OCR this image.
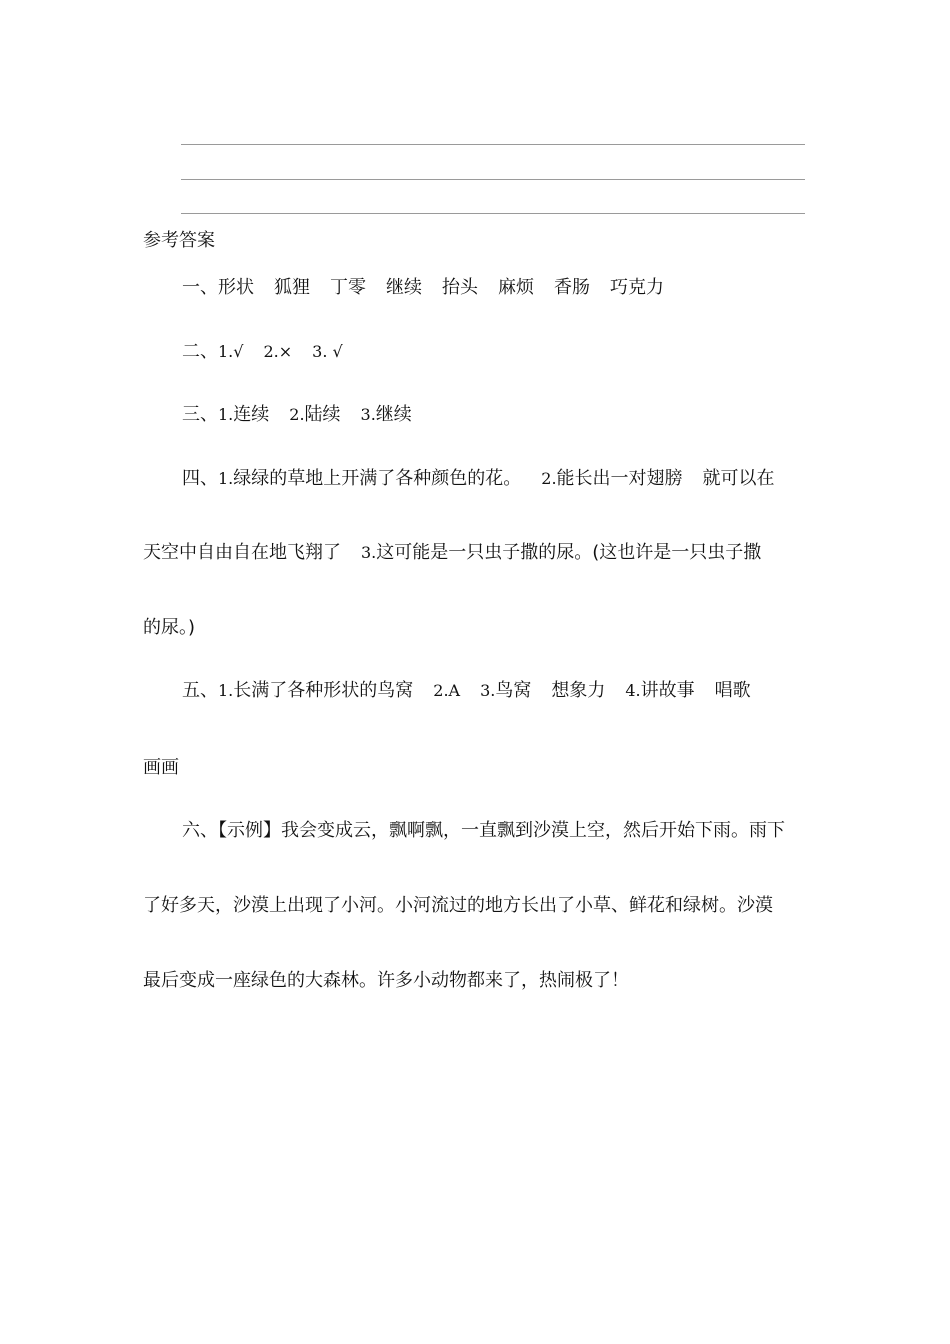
参考答案
一、形状 狐狸 丁零 继续 抬头 麻烦 香肠 巧克力
二、1.√ 2.× 3. √
三、1.连续 2.陆续 3.继续
四、1.绿绿的草地上开满了各种颜色的花。 2.能长出一对翅膀 就可以在
天空中自由自在地飞翔了 3.这可能是一只虫子撒的尿。(这也许是一只虫子撒
的尿。)
五、1.长满了各种形状的鸟窝 2.A 3.鸟窝 想象力 4.讲故事 唱歌
画画
六、【示例】我会变成云，飘啊飘，一直飘到沙漠上空，然后开始下雨。雨下
了好多天，沙漠上出现了小河。小河流过的地方长出了小草、鲜花和绿树。沙漠
最后变成一座绿色的大森林。许多小动物都来了，热闹极了！
